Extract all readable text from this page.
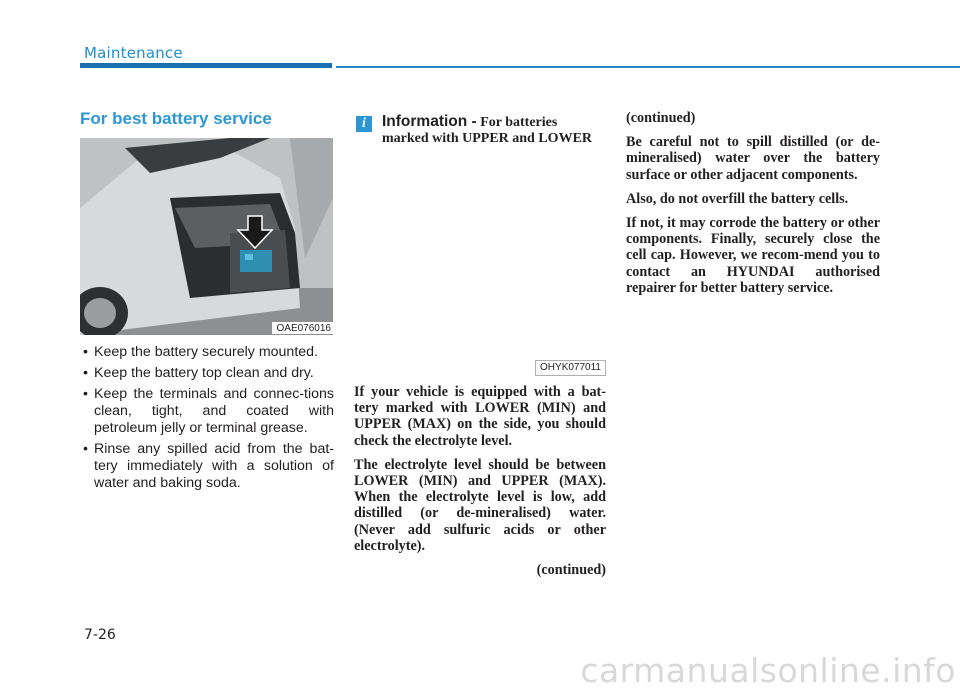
Maintenance
For best battery service
OAE076016
• Keep the battery securely mounted.
• Keep the battery top clean and dry.
• Keep the terminals and connec-tions clean, tight, and coated with petroleum jelly or terminal grease.
• Rinse any spilled acid from the bat-tery immediately with a solution of water and baking soda.
i	Information - For batteries marked with UPPER and LOWER
OHYK077011

If your vehicle is equipped with a bat-tery marked with LOWER (MIN) and UPPER (MAX) on the side, you should check the electrolyte level.

The electrolyte level should be between LOWER (MIN) and UPPER (MAX). When the electrolyte level is low, add distilled (or de-mineralised) water. (Never add sulfuric acids or other electrolyte).

(continued)

(continued)

Be careful not to spill distilled (or de-mineralised) water over the battery surface or other adjacent components.

Also, do not overfill the battery cells.

If not, it may corrode the battery or other components. Finally, securely close the cell cap. However, we recom-mend you to contact an HYUNDAI authorised repairer for better battery service.

7-26
carmanualsonline.info
